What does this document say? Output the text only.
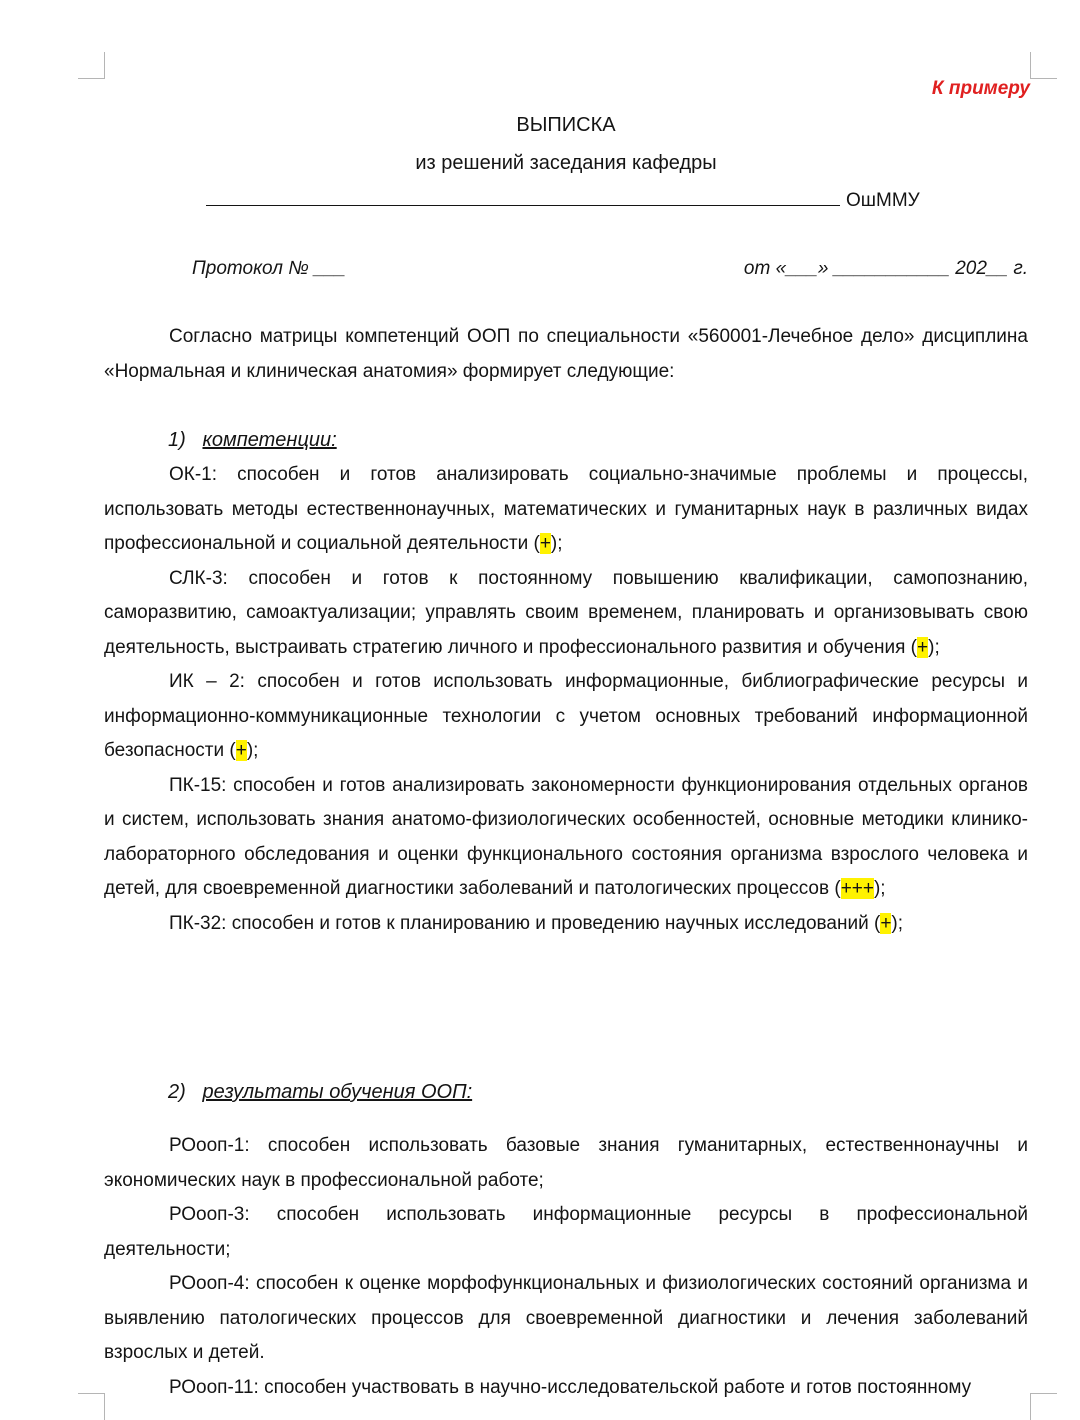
К примеру
ВЫПИСКА
из решений заседания кафедры
ОшММУ
Протокол № ___	от «___» ___________ 202__ г.

Согласно матрицы компетенций ООП по специальности «560001-Лечебное дело» дисциплина «Нормальная и клиническая анатомия» формирует следующие:

1) компетенции:

ОК-1: способен и готов анализировать социально-значимые проблемы и процессы, использовать методы естественнонаучных, математических и гуманитарных наук в различных видах профессиональной и социальной деятельности (+);

СЛК-3: способен и готов к постоянному повышению квалификации, самопознанию, саморазвитию, самоактуализации; управлять своим временем, планировать и организовывать свою деятельность, выстраивать стратегию личного и профессионального развития и обучения (+);

ИК – 2: способен и готов использовать информационные, библиографические ресурсы и информационно-коммуникационные технологии с учетом основных требований информационной безопасности (+);

ПК-15: способен и готов анализировать закономерности функционирования отдельных органов и систем, использовать знания анатомо-физиологических особенностей, основные методики клинико-лабораторного обследования и оценки функционального состояния организма взрослого человека и детей, для своевременной диагностики заболеваний и патологических процессов (+++);

ПК-32: способен и готов к планированию и проведению научных исследований (+);

2) результаты обучения ООП:

РОооп-1: способен использовать базовые знания гуманитарных, естественнонаучны и экономических наук в профессиональной работе;

РОооп-3: способен использовать информационные ресурсы в профессиональной деятельности;

РОооп-4: способен к оценке морфофункциональных и физиологических состояний организма и выявлению патологических процессов для своевременной диагностики и лечения заболеваний взрослых и детей.

РОооп-11: способен участвовать в научно-исследовательской работе и готов постоянному
